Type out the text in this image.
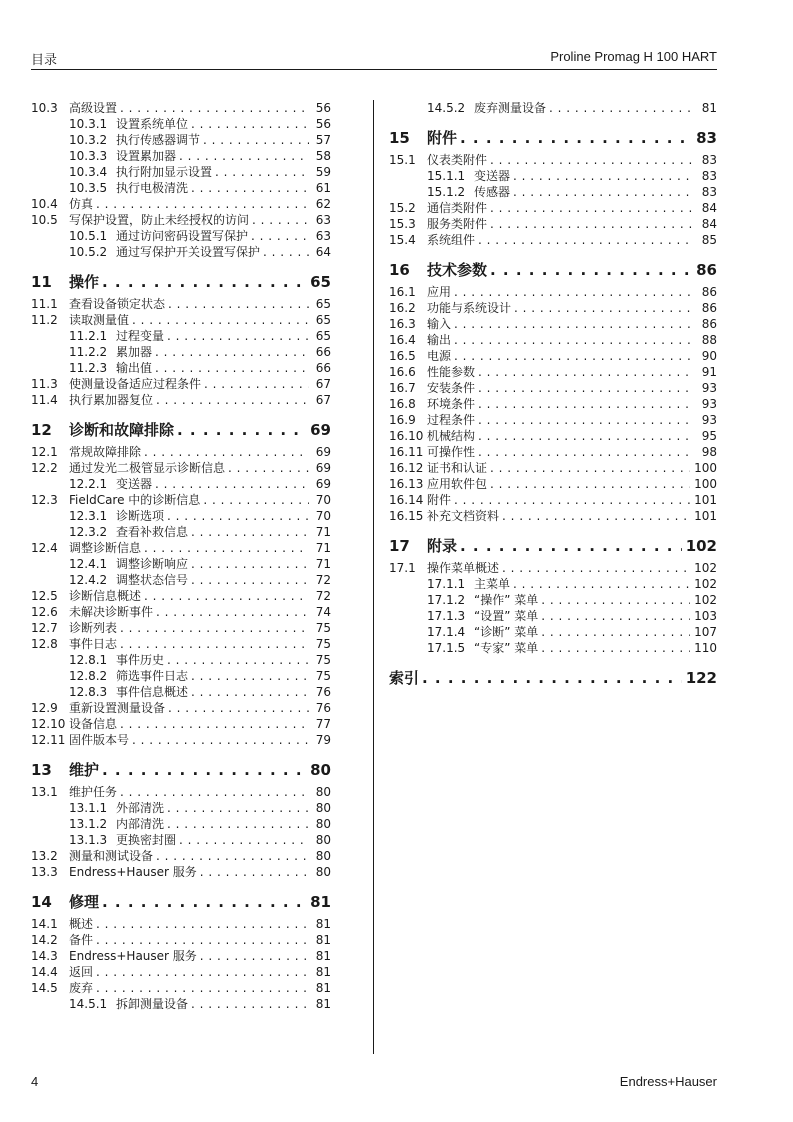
目录	Proline Promag H 100 HART
10.3 高级设置 . . .	56
10.3.1 设置系统单位 . . .	56
10.3.2 执行传感器调节 . . .	57
10.3.3 设置累加器 . . .	58
10.3.4 执行附加显示设置 . . .	59
10.3.5 执行电极清洗 . . .	61
10.4 仿真 . . .	62
10.5 写保护设置，防止未经授权的访问 . . .	63
10.5.1 通过访问密码设置写保护 . . .	63
10.5.2 通过写保护开关设置写保护 . . .	64
11	操作 . . .	65
11.1 查看设备锁定状态 . . .	65
11.2 读取测量值 . . .	65
11.2.1 过程变量 . . .	65
11.2.2 累加器 . . .	66
11.2.3 输出值 . . .	66
11.3 使测量设备适应过程条件 . . .	67
11.4 执行累加器复位 . . .	67
12	诊断和故障排除 . . .	69
12.1 常规故障排除 . . .	69
12.2 通过发光二极管显示诊断信息 . . .	69
12.2.1 变送器 . . .	69
12.3 FieldCare 中的诊断信息 . . .	70
12.3.1 诊断选项 . . .	70
12.3.2 查看补救信息 . . .	71
12.4 调整诊断信息 . . .	71
12.4.1 调整诊断响应 . . .	71
12.4.2 调整状态信号 . . .	72
12.5 诊断信息概述 . . .	72
12.6 未解决诊断事件 . . .	74
12.7 诊断列表 . . .	75
12.8 事件日志 . . .	75
12.8.1 事件历史 . . .	75
12.8.2 筛选事件日志 . . .	75
12.8.3 事件信息概述 . . .	76
12.9 重新设置测量设备 . . .	76
12.10 设备信息 . . .	77
12.11 固件版本号 . . .	79
13	维护 . . .	80
13.1 维护任务 . . .	80
13.1.1 外部清洗 . . .	80
13.1.2 内部清洗 . . .	80
13.1.3 更换密封圈 . . .	80
13.2 测量和测试设备 . . .	80
13.3 Endress+Hauser 服务 . . .	80
14	修理 . . .	81
14.1 概述 . . .	81
14.2 备件 . . .	81
14.3 Endress+Hauser 服务 . . .	81
14.4 返回 . . .	81
14.5 废弃 . . .	81
14.5.1 拆卸测量设备 . . .	81
14.5.2 废弃测量设备 . . .	81
15	附件 . . .	83
15.1 仪表类附件 . . .	83
15.1.1 变送器 . . .	83
15.1.2 传感器 . . .	83
15.2 通信类附件 . . .	84
15.3 服务类附件 . . .	84
15.4 系统组件 . . .	85
16	技术参数 . . .	86
16.1 应用 . . .	86
16.2 功能与系统设计 . . .	86
16.3 输入 . . .	86
16.4 输出 . . .	88
16.5 电源 . . .	90
16.6 性能参数 . . .	91
16.7 安装条件 . . .	93
16.8 环境条件 . . .	93
16.9 过程条件 . . .	93
16.10 机械结构 . . .	95
16.11 可操作性 . . .	98
16.12 证书和认证 . . .	100
16.13 应用软件包 . . .	100
16.14 附件 . . .	101
16.15 补充文档资料 . . .	101
17	附录 . . .	102
17.1 操作菜单概述 . . .	102
17.1.1 主菜单 . . .	102
17.1.2 “操作” 菜单 . . .	102
17.1.3 “设置” 菜单 . . .	103
17.1.4 “诊断” 菜单 . . .	107
17.1.5 “专家” 菜单 . . .	110
索引 . . .	122
4	Endress+Hauser
